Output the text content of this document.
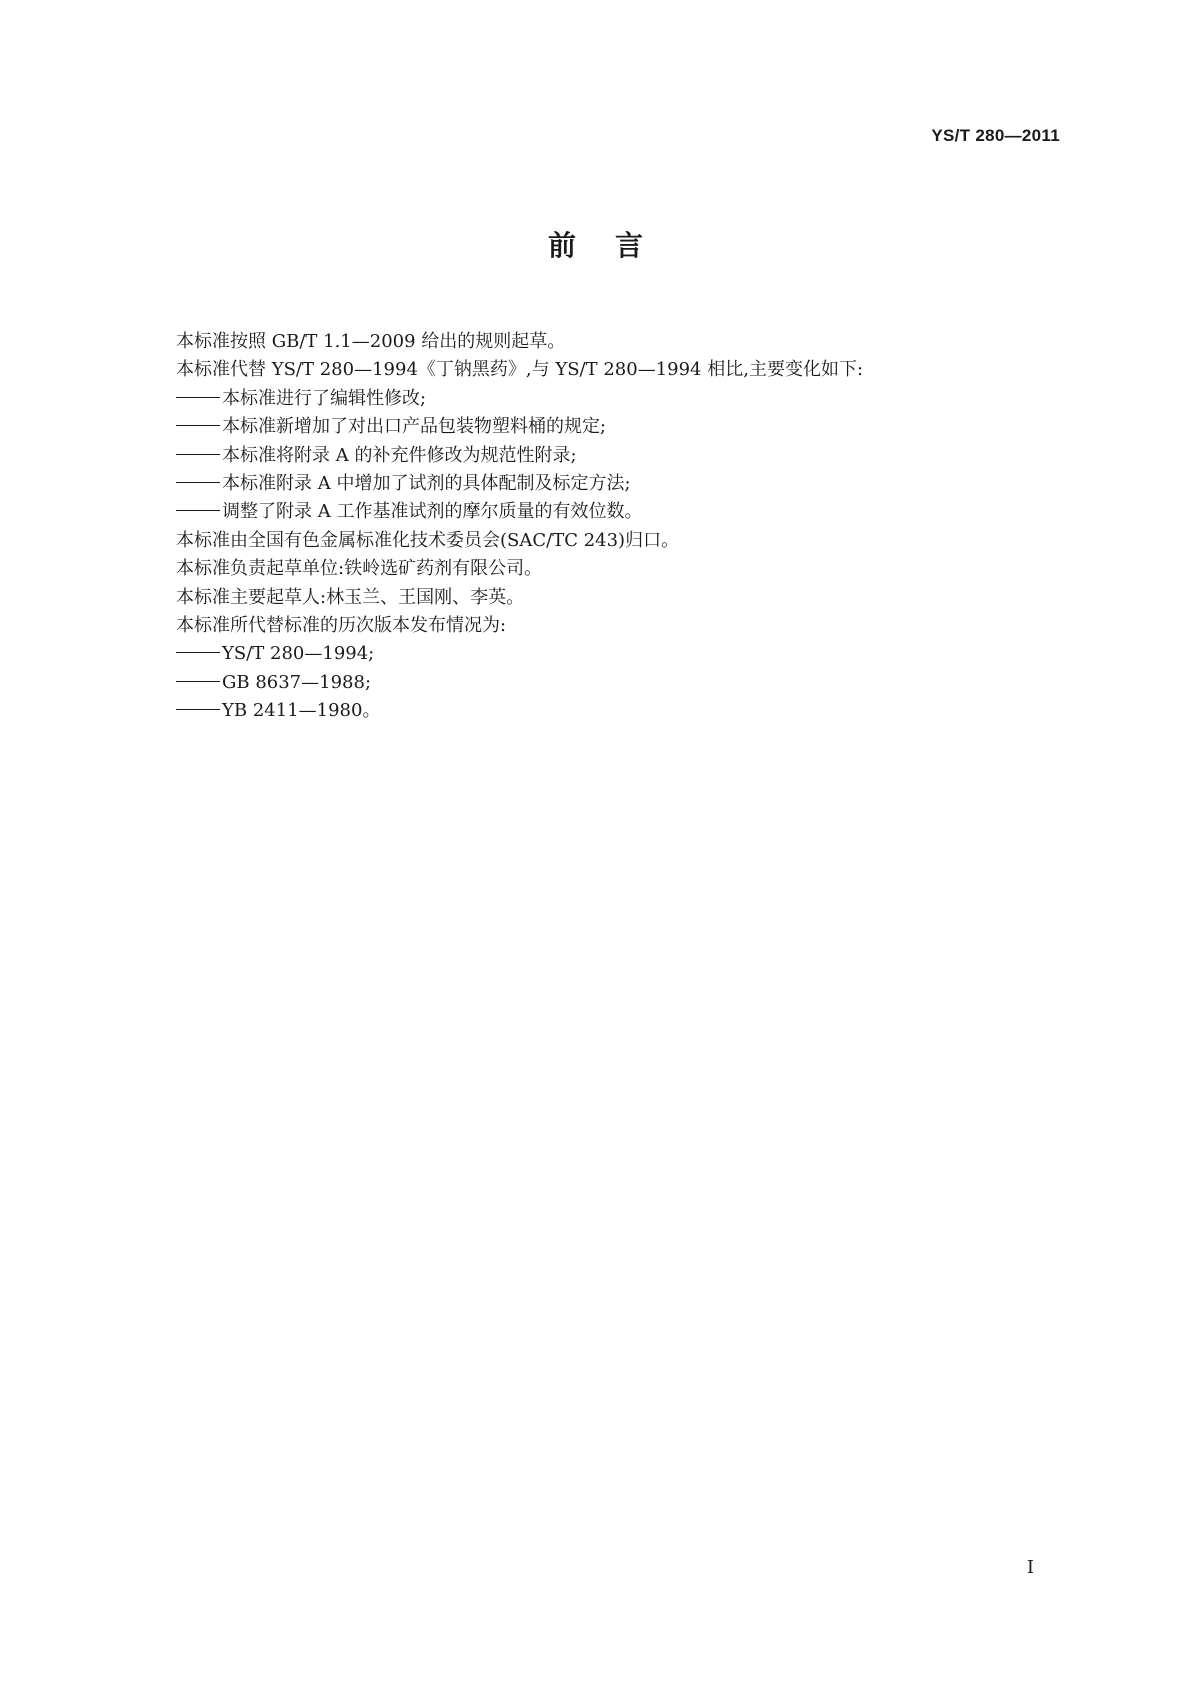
YS/T 280—2011
前    言
本标准按照 GB/T 1.1—2009 给出的规则起草。
本标准代替 YS/T 280—1994《丁钠黑药》,与 YS/T 280—1994 相比,主要变化如下:
本标准进行了编辑性修改;
本标准新增加了对出口产品包装物塑料桶的规定;
本标准将附录 A 的补充件修改为规范性附录;
本标准附录 A 中增加了试剂的具体配制及标定方法;
调整了附录 A 工作基准试剂的摩尔质量的有效位数。
本标准由全国有色金属标准化技术委员会(SAC/TC 243)归口。
本标准负责起草单位:铁岭选矿药剂有限公司。
本标准主要起草人:林玉兰、王国刚、李英。
本标准所代替标准的历次版本发布情况为:
YS/T 280—1994;
GB 8637—1988;
YB 2411—1980。
I
